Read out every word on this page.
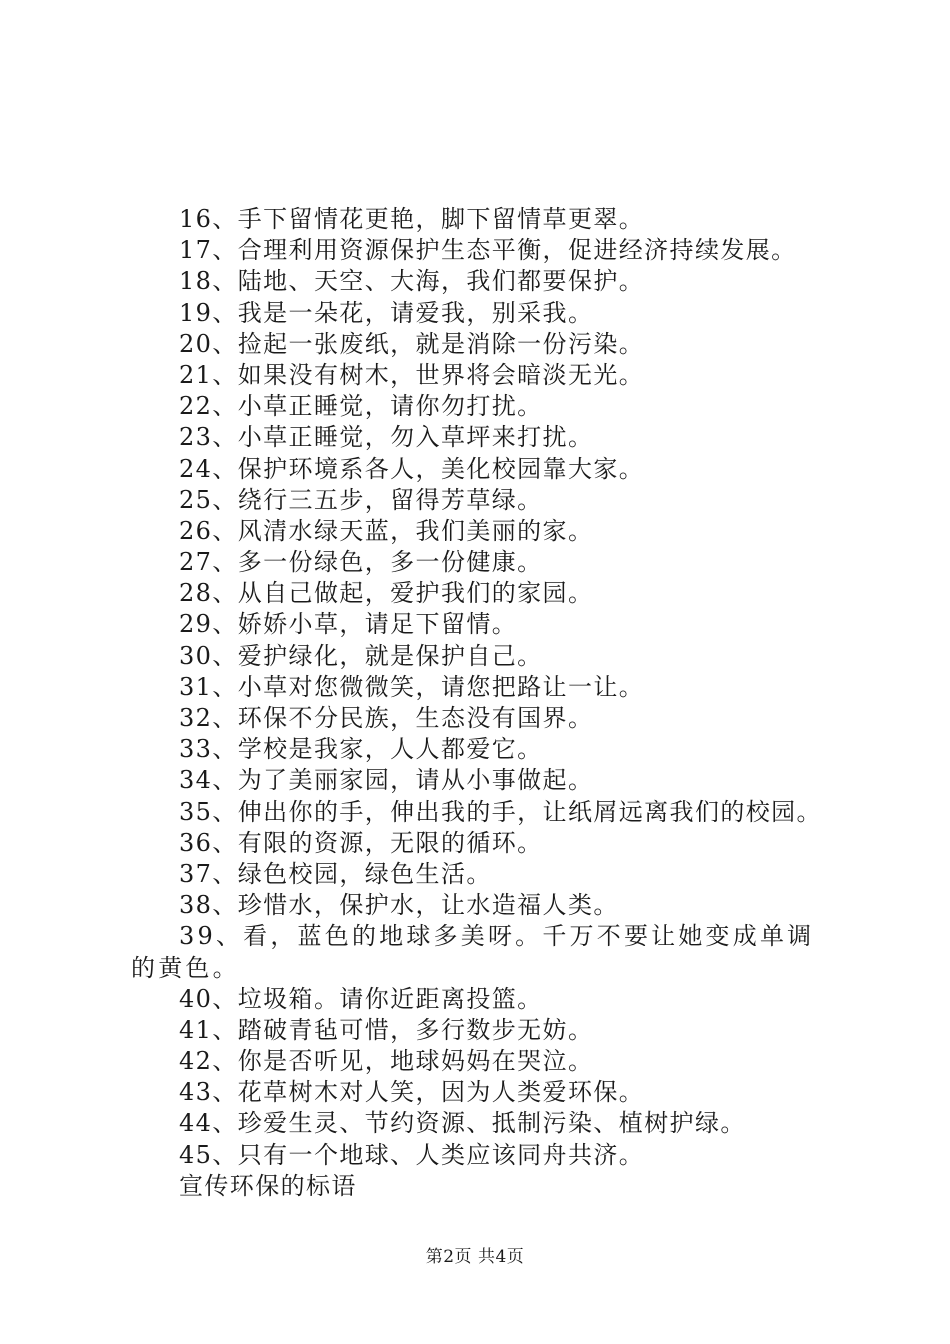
16、手下留情花更艳，脚下留情草更翠。
17、合理利用资源保护生态平衡，促进经济持续发展。
18、陆地、天空、大海，我们都要保护。
19、我是一朵花，请爱我，别采我。
20、捡起一张废纸，就是消除一份污染。
21、如果没有树木，世界将会暗淡无光。
22、小草正睡觉，请你勿打扰。
23、小草正睡觉，勿入草坪来打扰。
24、保护环境系各人，美化校园靠大家。
25、绕行三五步，留得芳草绿。
26、风清水绿天蓝，我们美丽的家。
27、多一份绿色，多一份健康。
28、从自己做起，爱护我们的家园。
29、娇娇小草，请足下留情。
30、爱护绿化，就是保护自己。
31、小草对您微微笑，请您把路让一让。
32、环保不分民族，生态没有国界。
33、学校是我家，人人都爱它。
34、为了美丽家园，请从小事做起。
35、伸出你的手，伸出我的手，让纸屑远离我们的校园。
36、有限的资源，无限的循环。
37、绿色校园，绿色生活。
38、珍惜水，保护水，让水造福人类。
39、看，蓝色的地球多美呀。千万不要让她变成单调的黄色。
40、垃圾箱。请你近距离投篮。
41、踏破青毡可惜，多行数步无妨。
42、你是否听见，地球妈妈在哭泣。
43、花草树木对人笑，因为人类爱环保。
44、珍爱生灵、节约资源、抵制污染、植树护绿。
45、只有一个地球、人类应该同舟共济。
宣传环保的标语
第2页 共4页
